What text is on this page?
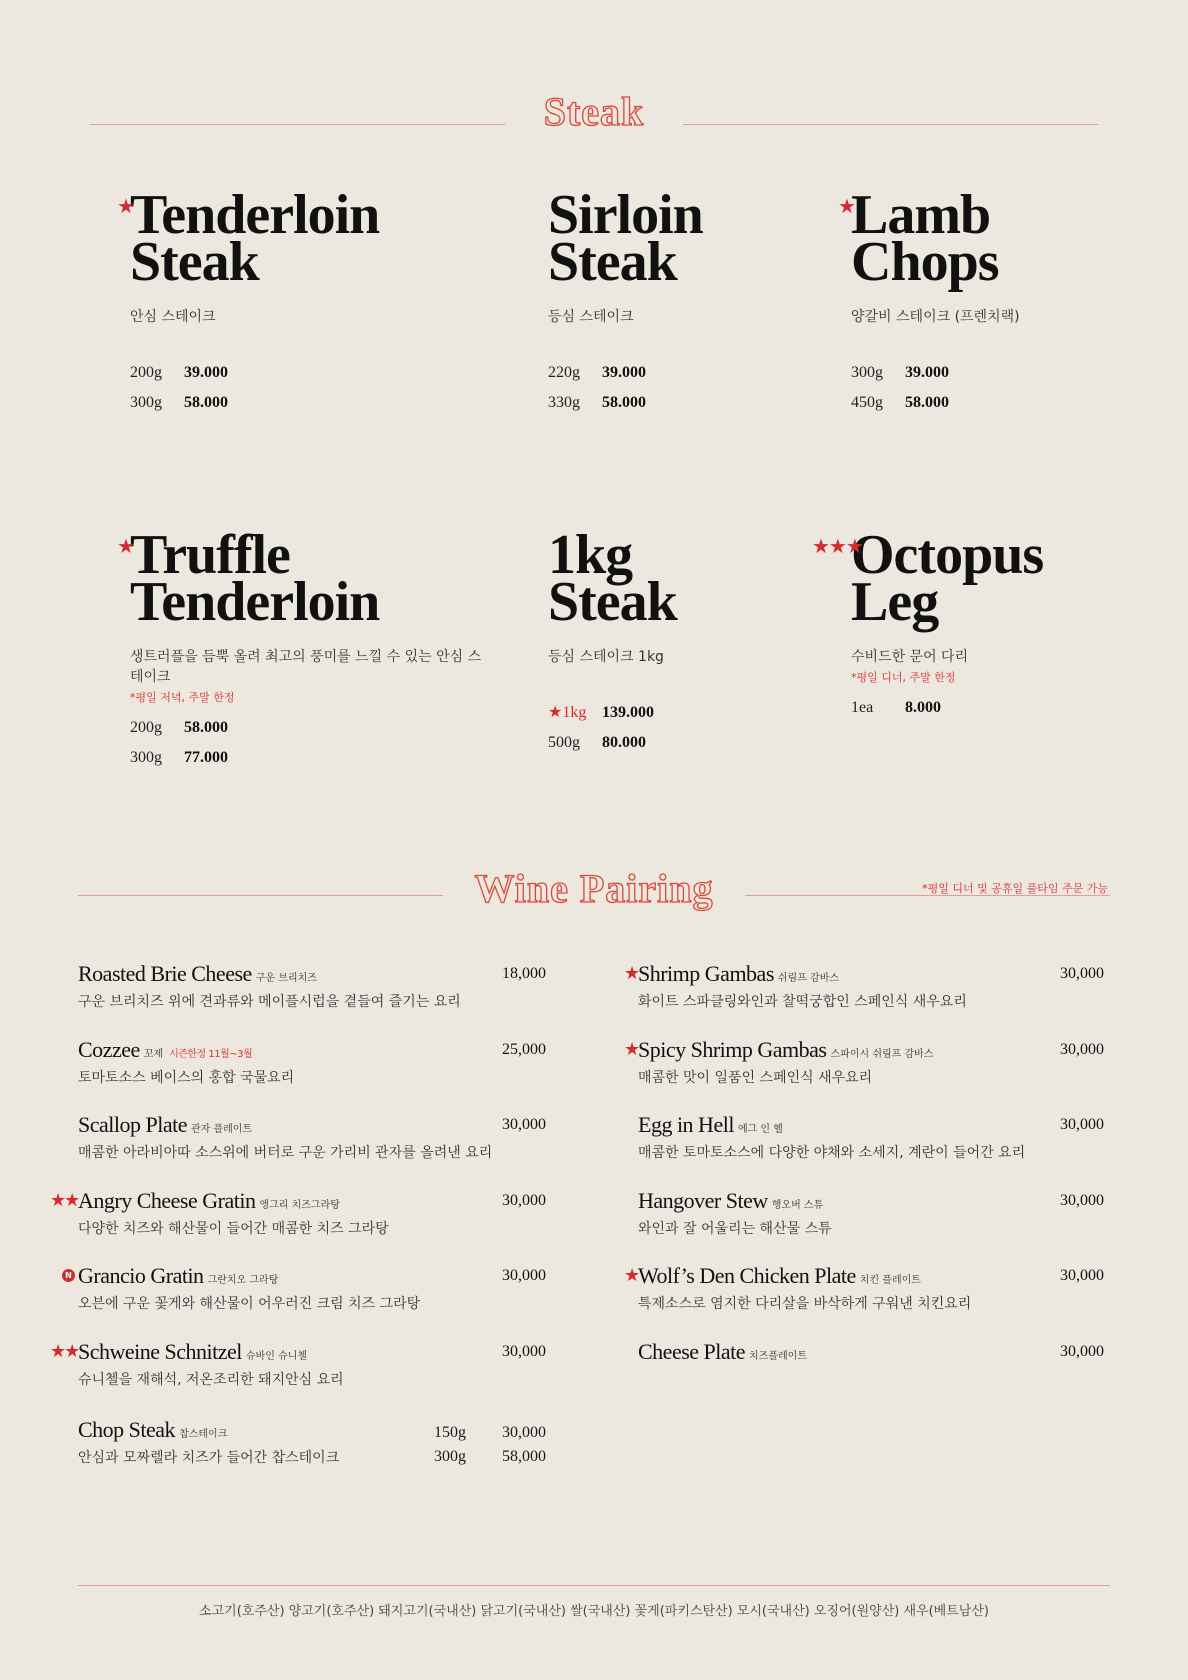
Steak
★
Tenderloin
Steak
안심 스테이크
200g 39.000
300g 58.000
Sirloin
Steak
등심 스테이크
220g 39.000
330g 58.000
★
Lamb
Chops
양갈비 스테이크 (프렌치랙)
300g 39.000
450g 58.000
★
Truffle
Tenderloin
생트러플을 듬뿍 올려 최고의 풍미를 느낄 수 있는 안심 스테이크
*평일 저녁, 주말 한정
200g 58.000
300g 77.000
1kg
Steak
등심 스테이크 1kg
★1kg 139.000
500g 80.000
★★★
Octopus
Leg
수비드한 문어 다리
*평일 디너, 주말 한정
1ea 8.000
Wine Pairing	*평일 디너 및 공휴일 풀타임 주문 가능
Roasted Brie Cheese 구운 브리치즈
구운 브리치즈 위에 견과류와 메이플시럽을 곁들여 즐기는 요리
18,000
Cozzee 꼬제 시즌한정 11월~3월
토마토소스 베이스의 홍합 국물요리
25,000
Scallop Plate 관자 플레이트
매콤한 아라비아따 소스위에 버터로 구운 가리비 관자를 올려낸 요리
30,000
★★ Angry Cheese Gratin 앵그리 치즈그라탕
다양한 치즈와 해산물이 들어간 매콤한 치즈 그라탕
30,000
N Grancio Gratin 그란치오 그라탕
오븐에 구운 꽃게와 해산물이 어우러진 크림 치즈 그라탕
30,000
★★ Schweine Schnitzel 슈바인 슈니첼
슈니첼을 재해석, 저온조리한 돼지안심 요리
30,000
Chop Steak 찹스테이크
안심과 모짜렐라 치즈가 들어간 찹스테이크
150g
300g
30,000
58,000
★ Shrimp Gambas 쉬림프 감바스
화이트 스파클링와인과 찰떡궁합인 스페인식 새우요리
30,000
★ Spicy Shrimp Gambas 스파이시 쉬림프 감바스
매콤한 맛이 일품인 스페인식 새우요리
30,000
Egg in Hell 에그 인 헬
매콤한 토마토소스에 다양한 야채와 소세지, 계란이 들어간 요리
30,000
Hangover Stew 행오버 스튜
와인과 잘 어울리는 해산물 스튜
30,000
★ Wolf’s Den Chicken Plate 치킨 플레이트
특제소스로 염지한 다리살을 바삭하게 구워낸 치킨요리
30,000
Cheese Plate 치즈플레이트	30,000
소고기(호주산) 양고기(호주산) 돼지고기(국내산) 닭고기(국내산) 쌀(국내산) 꽃게(파키스탄산) 모시(국내산) 오징어(원양산) 새우(베트남산)
